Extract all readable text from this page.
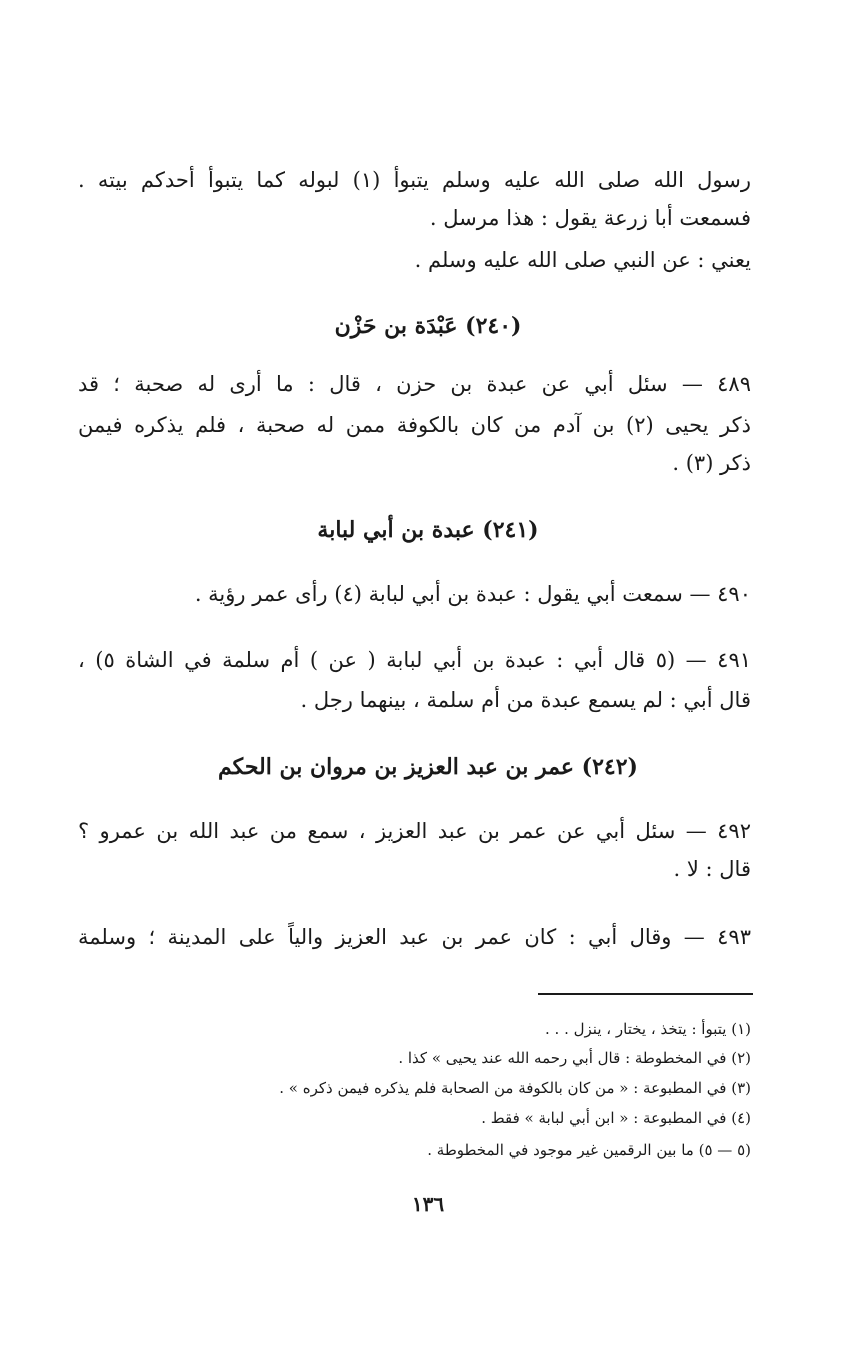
رسول الله صلى الله عليه وسلم يتبوأ (١) لبوله كما يتبوأ أحدكم بيته .

فسمعت أبا زرعة يقول : هذا مرسل .

يعني : عن النبي صلى الله عليه وسلم .

(٢٤٠) عَبْدَة بن حَزْن

٤٨٩ — سئل أبي عن عبدة بن حزن ، قال : ما أرى له صحبة ؛ قد

ذكر يحيى (٢) بن آدم من كان بالكوفة ممن له صحبة ، فلم يذكره فيمن

ذكر (٣) .

(٢٤١) عبدة بن أبي لبابة

٤٩٠ — سمعت أبي يقول : عبدة بن أبي لبابة (٤) رأى عمر رؤية .

٤٩١ — (٥ قال أبي : عبدة بن أبي لبابة ( عن ) أم سلمة في الشاة ٥) ،

قال أبي : لم يسمع عبدة من أم سلمة ، بينهما رجل .

(٢٤٢) عمر بن عبد العزيز بن مروان بن الحكم

٤٩٢ — سئل أبي عن عمر بن عبد العزيز ، سمع من عبد الله بن عمرو ؟

قال : لا .

٤٩٣ — وقال أبي : كان عمر بن عبد العزيز والياً على المدينة ؛ وسلمة

(١) يتبوأ : يتخذ ، يختار ، ينزل . . .

(٢) في المخطوطة : قال أبي رحمه الله عند يحيى » كذا .

(٣) في المطبوعة : « من كان بالكوفة من الصحابة فلم يذكره فيمن ذكره » .

(٤) في المطبوعة : « ابن أبي لبابة » فقط .

(٥ — ٥) ما بين الرقمين غير موجود في المخطوطة .

١٣٦
